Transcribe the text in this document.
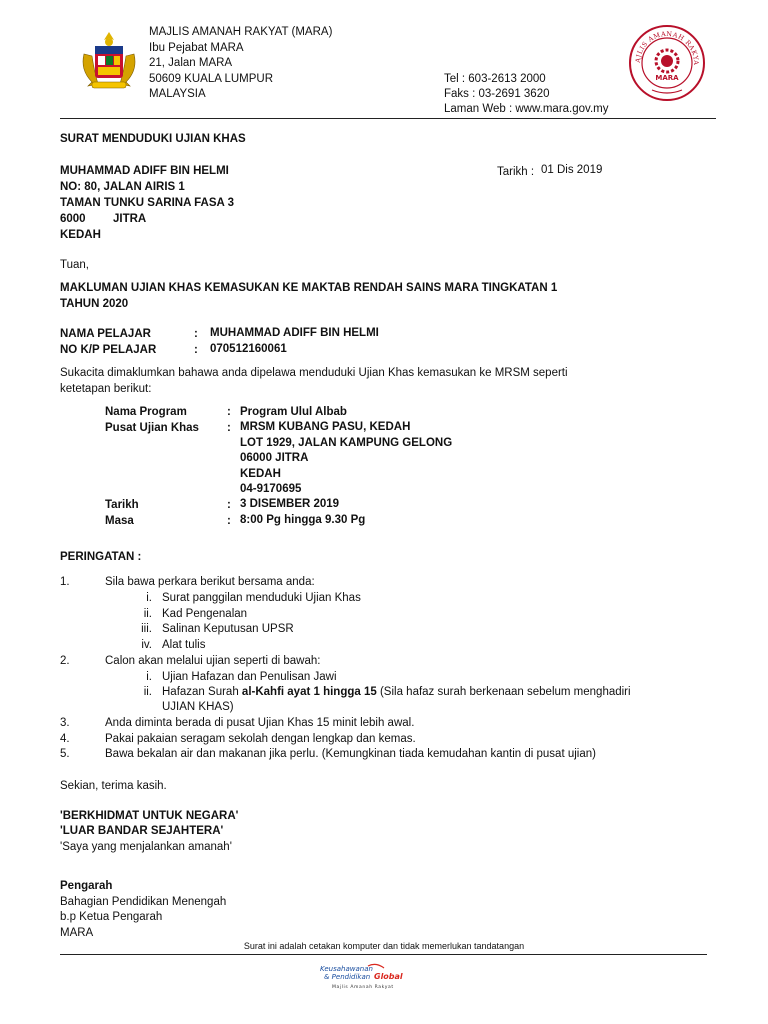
MAJLIS AMANAH RAKYAT (MARA)
Ibu Pejabat MARA
21, Jalan MARA
50609 KUALA LUMPUR
MALAYSIA
Tel : 603-2613 2000
Faks : 03-2691 3620
Laman Web : www.mara.gov.my
AJLIS AMANAH RAKYA
MARA
SURAT MENDUDUKI UJIAN KHAS
MUHAMMAD ADIFF BIN HELMI
NO: 80, JALAN AIRIS 1
TAMAN TUNKU SARINA FASA 3
6000 JITRA
KEDAH
Tarikh : 01 Dis 2019
Tuan,
MAKLUMAN UJIAN KHAS KEMASUKAN KE MAKTAB RENDAH SAINS MARA TINGKATAN 1
TAHUN 2020
NAMA PELAJAR	: MUHAMMAD ADIFF BIN HELMI
NO K/P PELAJAR	: 070512160061
Sukacita dimaklumkan bahawa anda dipelawa menduduki Ujian Khas kemasukan ke MRSM seperti
ketetapan berikut:
Nama Program	: Program Ulul Albab
Pusat Ujian Khas : MRSM KUBANG PASU, KEDAH
LOT 1929, JALAN KAMPUNG GELONG
06000 JITRA
KEDAH
04-9170695
Tarikh	: 3 DISEMBER 2019
Masa	: 8:00 Pg hingga 9.30 Pg
PERINGATAN :
1.	Sila bawa perkara berikut bersama anda:
i. Surat panggilan menduduki Ujian Khas
ii. Kad Pengenalan
iii. Salinan Keputusan UPSR
iv. Alat tulis
2.	Calon akan melalui ujian seperti di bawah:
i. Ujian Hafazan dan Penulisan Jawi
ii. Hafazan Surah al-Kahfi ayat 1 hingga 15 (Sila hafaz surah berkenaan sebelum menghadiri
UJIAN KHAS)
3.	Anda diminta berada di pusat Ujian Khas 15 minit lebih awal.
4.	Pakai pakaian seragam sekolah dengan lengkap dan kemas.
5.	Bawa bekalan air dan makanan jika perlu. (Kemungkinan tiada kemudahan kantin di pusat ujian)
Sekian, terima kasih.
'BERKHIDMAT UNTUK NEGARA'
'LUAR BANDAR SEJAHTERA'
'Saya yang menjalankan amanah'
Pengarah
Bahagian Pendidikan Menengah
b.p Ketua Pengarah
MARA
Surat ini adalah cetakan komputer dan tidak memerlukan tandatangan
Keusahawanan
& Pendidikan Global
Majlis Amanah Rakyat
